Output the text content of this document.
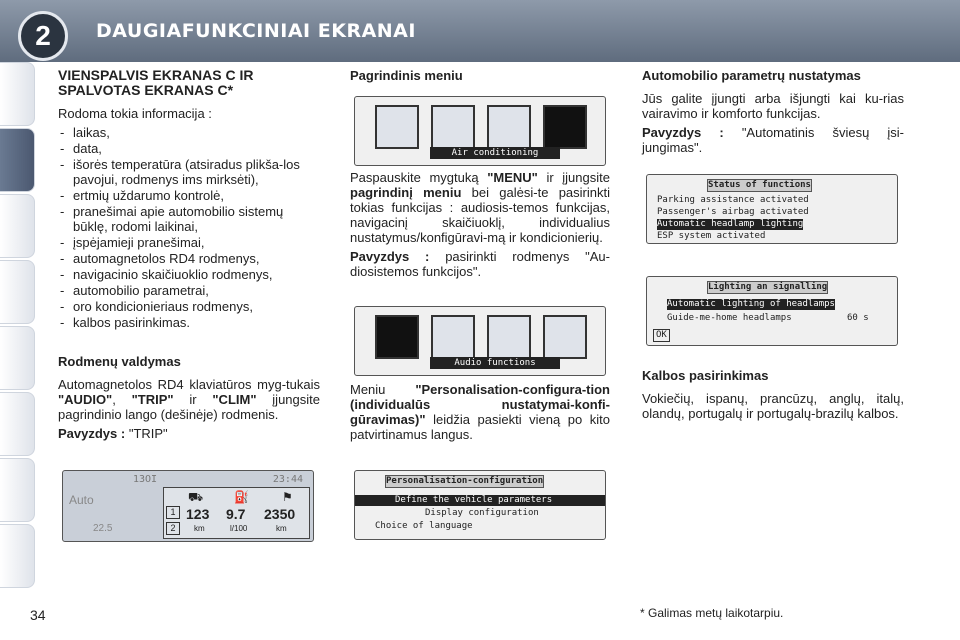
2	DAUGIAFUNKCINIAI EKRANAI
VIENSPALVIS EKRANAS C IR SPALVOTAS EKRANAS C*

Rodoma tokia informacija :

- laikas,
- data,
- išorės temperatūra (atsiradus plikša-los pavojui, rodmenys ims mirksėti),
- ertmių uždarumo kontrolė,
- pranešimai apie automobilio sistemų būklę, rodomi laikinai,
- įspėjamieji pranešimai,
- automagnetolos RD4 rodmenys,
- navigacinio skaičiuoklio rodmenys,
- automobilio parametrai,
- oro kondicionieriaus rodmenys,
- kalbos pasirinkimas.
Rodmenų valdymas

Automagnetolos RD4 klaviatūros myg-tukais "AUDIO", "TRIP" ir "CLIM" įjungsite pagrindinio lango (dešinėje) rodmenis.

Pavyzdys : "TRIP"

13OI	23:44
Auto
22.5
1
2
⛟	⛽	⚑
123 9.7 2350
km	l/100	km
Pagrindinis meniu
Air conditioning

Paspauskite mygtuką "MENU" ir įjungsite pagrindinį meniu bei galėsi-te pasirinkti tokias funkcijas : audiosis-temos funkcijas, navigacinį skaičiuoklį, individualius nustatymus/konfigūravi-mą ir kondicionierių.

Pavyzdys : pasirinkti rodmenys "Au-diosistemos funkcijos".

Audio functions

Meniu "Personalisation-configura-tion (individualūs nustatymai-konfi-gūravimas)" leidžia pasiekti vieną po kito patvirtinamus langus.

Personalisation-configuration
Define the vehicle parameters
Display configuration
Choice of language
Automobilio parametrų nustatymas

Jūs galite įjungti arba išjungti kai ku-rias vairavimo ir komforto funkcijas.

Pavyzdys : "Automatinis šviesų įsi-jungimas".

Status of functions
Parking assistance activated
Passenger's airbag activated
Automatic headlamp lighting
ESP system activated
Lighting an signalling
Automatic lighting of headlamps
Guide-me-home headlamps	60 s
OK
Kalbos pasirinkimas

Vokiečių, ispanų, prancūzų, anglų, italų, olandų, portugalų ir portugalų-brazilų kalbos.

34	* Galimas metų laikotarpiu.
